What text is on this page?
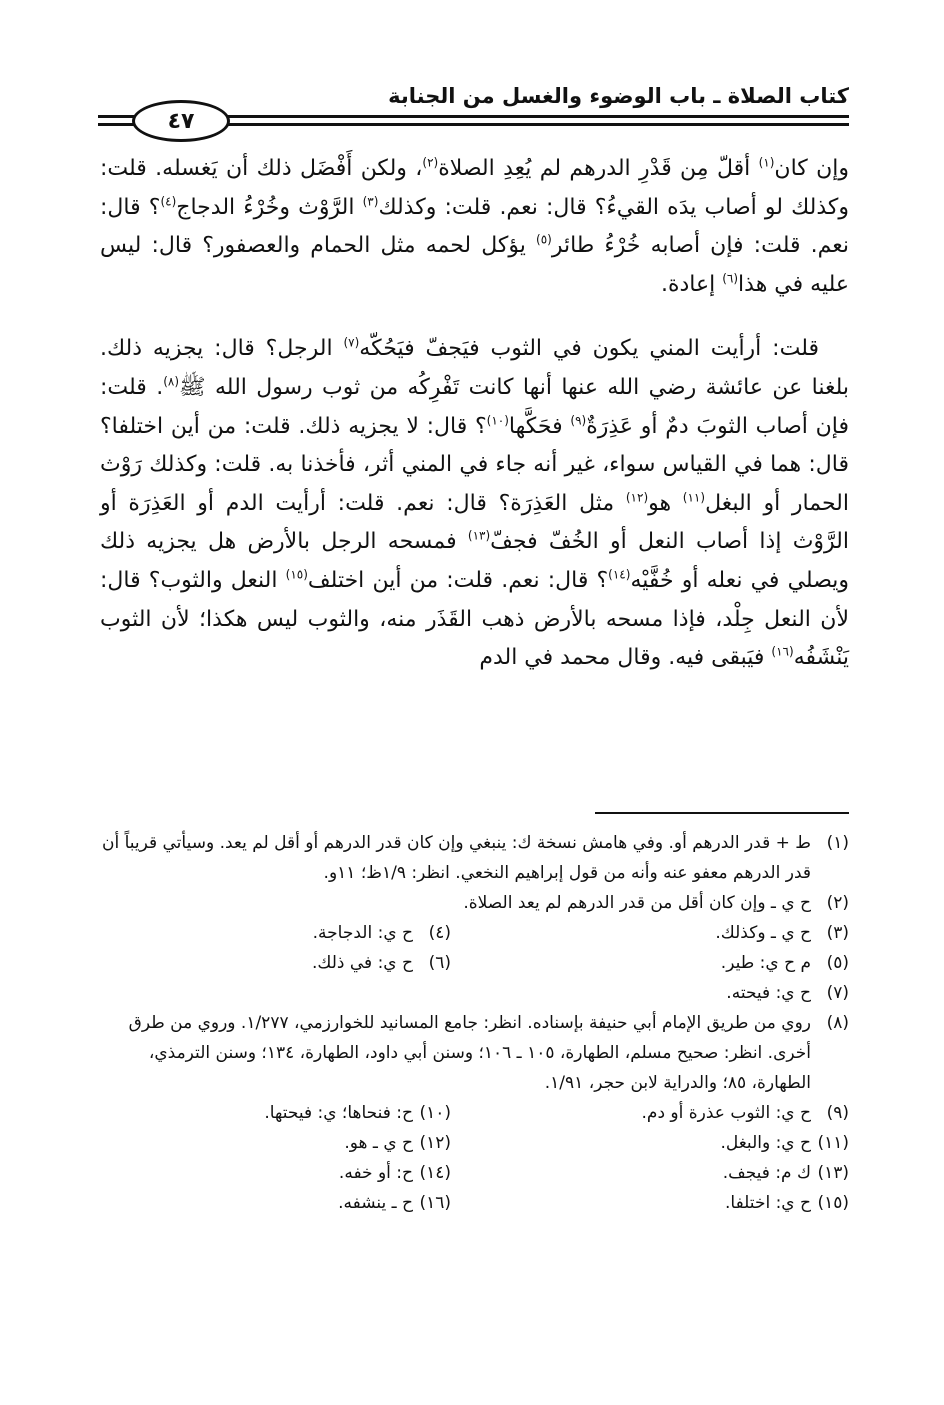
كتاب الصلاة ـ باب الوضوء والغسل من الجنابة
٤٧

وإن كان$^{(١)}$ أقلّ مِن قَدْرِ الدرهم لم يُعِدِ الصلاة$^{(٢)}$، ولكن أَفْضَل ذلك أن يَغسله. قلت: وكذلك لو أصاب يدَه القيءُ؟ قال: نعم. قلت: وكذلك$^{(٣)}$ الرَّوْث وخُرْءُ الدجاج$^{(٤)}$؟ قال: نعم. قلت: فإن أصابه خُرْءُ طائر$^{(٥)}$ يؤكل لحمه مثل الحمام والعصفور؟ قال: ليس عليه في هذا$^{(٦)}$ إعادة.

قلت: أرأيت المني يكون في الثوب فيَجفّ فيَحُكّه$^{(٧)}$ الرجل؟ قال: يجزيه ذلك. بلغنا عن عائشة رضي الله عنها أنها كانت تَفْرِكُه من ثوب رسول الله ﷺ$^{(٨)}$. قلت: فإن أصاب الثوبَ دمٌ أو عَذِرَةٌ$^{(٩)}$ فحَكَّها$^{(١٠)}$؟ قال: لا يجزيه ذلك. قلت: من أين اختلفا؟ قال: هما في القياس سواء، غير أنه جاء في المني أثر، فأخذنا به. قلت: وكذلك رَوْث الحمار أو البغل$^{(١١)}$ هو$^{(١٢)}$ مثل العَذِرَة؟ قال: نعم. قلت: أرأيت الدم أو العَذِرَة أو الرَّوْث إذا أصاب النعل أو الخُفّ فجفّ$^{(١٣)}$ فمسحه الرجل بالأرض هل يجزيه ذلك ويصلي في نعله أو خُفَّيْه$^{(١٤)}$؟ قال: نعم. قلت: من أين اختلف$^{(١٥)}$ النعل والثوب؟ قال: لأن النعل جِلْد، فإذا مسحه بالأرض ذهب القَذَر منه، والثوب ليس هكذا؛ لأن الثوب يَنْشَفُه$^{(١٦)}$ فيَبقى فيه. وقال محمد في الدم

(١)
ط + قدر الدرهم أو. وفي هامش نسخة ك: ينبغي وإن كان قدر الدرهم أو أقل لم يعد. وسيأتي قريباً أن قدر الدرهم معفو عنه وأنه من قول إبراهيم النخعي. انظر: ١/٩ظ؛ ١١و.
(٢)
ح ي ـ وإن كان أقل من قدر الدرهم لم يعد الصلاة.
(٣)
ح ي ـ وكذلك.
(٤)
ح ي: الدجاجة.
(٥)
م ح ي: طير.
(٦)
ح ي: في ذلك.
(٧)
ح ي: فيحته.
(٨)
روي من طريق الإمام أبي حنيفة بإسناده. انظر: جامع المسانيد للخوارزمي، ١/٢٧٧. وروي من طرق أخرى. انظر: صحيح مسلم، الطهارة، ١٠٥ ـ ١٠٦؛ وسنن أبي داود، الطهارة، ١٣٤؛ وسنن الترمذي، الطهارة، ٨٥؛ والدراية لابن حجر، ١/٩١.
(٩)
ح ي: الثوب عذرة أو دم.
(١٠)
ح: فنحاها؛ ي: فيحتها.
(١١)
ح ي: والبغل.
(١٢)
ح ي ـ هو.
(١٣)
ك م: فيجف.
(١٤)
ح: أو خفه.
(١٥)
ح ي: اختلفا.
(١٦)
ح ـ ينشفه.
